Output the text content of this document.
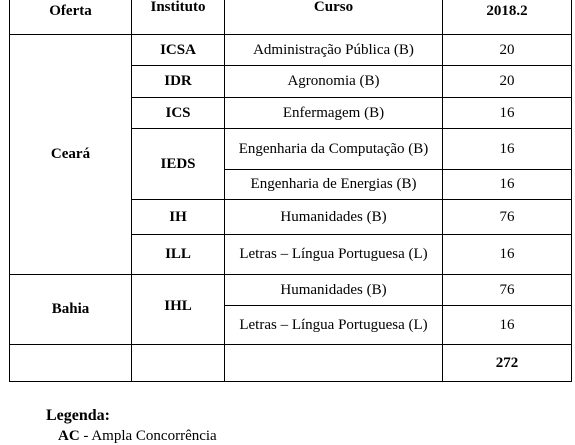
Oferta	Instituto	Curso	2018.2
Ceará	ICSA	Administração Pública (B)	20
	IDR	Agronomia (B)	20
	ICS	Enfermagem (B)	16
	IEDS	Engenharia da Computação (B)	16
		Engenharia de Energias (B)	16
	IH	Humanidades (B)	76
	ILL	Letras – Língua Portuguesa (L)	16
Bahia	IHL	Humanidades (B)	76
		Letras – Língua Portuguesa (L)	16
			272
Legenda:
AC - Ampla Concorrência
